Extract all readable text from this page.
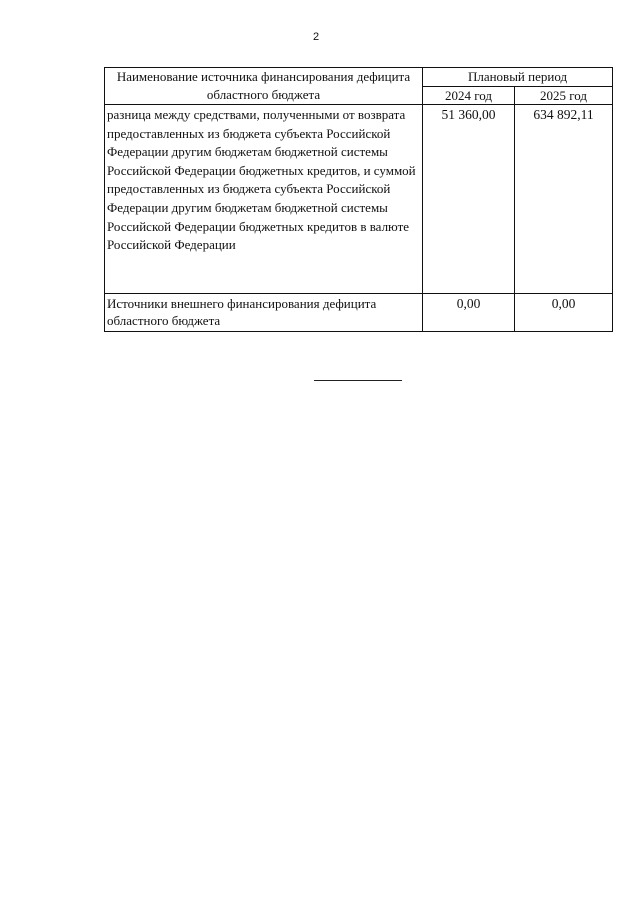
2
Наименование источника финансирования дефицита областного бюджета	Плановый период	
	2024 год	2025 год
разница между средствами, полученными от возврата предоставленных из бюджета субъекта Российской Федерации другим бюджетам бюджетной системы Российской Федерации бюджетных кредитов, и суммой предоставленных из бюджета субъекта Российской Федерации другим бюджетам бюджетной системы Российской Федерации бюджетных кредитов в валюте Российской Федерации	51 360,00	634 892,11
Источники внешнего финансирования дефицита областного бюджета	0,00	0,00
